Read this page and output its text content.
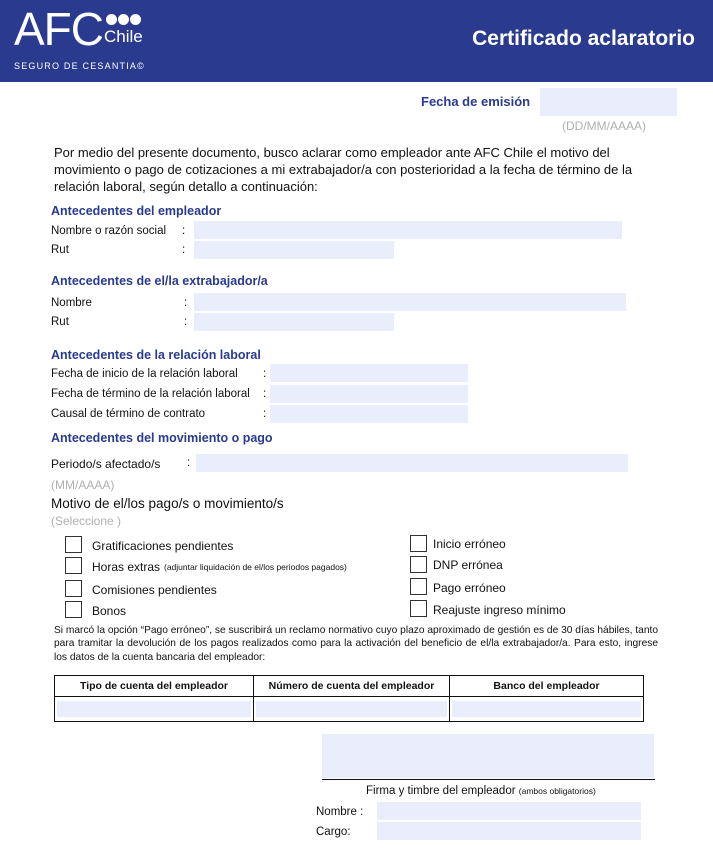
AFC Chile
SEGURO DE CESANTIA©
Certificado aclaratorio
Fecha de emisión
(DD/MM/AAAA)
Por medio del presente documento, busco aclarar como empleador ante AFC Chile el motivo del movimiento o pago de cotizaciones a mi extrabajador/a con posterioridad a la fecha de término de la relación laboral, según detallo a continuación:
Antecedentes del empleador
Nombre o razón social :
Rut	:
Antecedentes de el/la extrabajador/a
Nombre	:
Rut	:
Antecedentes de la relación laboral
Fecha de inicio de la relación laboral :
Fecha de término de la relación laboral :
Causal de término de contrato	:
Antecedentes del movimiento o pago
Periodo/s afectado/s :
(MM/AAAA)
Motivo de el/los pago/s o movimiento/s
(Seleccione )
Gratificaciones pendientes
Horas extras (adjuntar liquidación de el/los periodos pagados)
Comisiones pendientes
Bonos
Inicio erróneo
DNP errónea
Pago erróneo
Reajuste ingreso mínimo
Si marcó la opción “Pago erróneo”, se suscribirá un reclamo normativo cuyo plazo aproximado de gestión es de 30 días hábiles, tanto para tramitar la devolución de los pagos realizados como para la activación del beneficio de el/la extrabajador/a. Para esto, ingrese los datos de la cuenta bancaria del empleador:
Tipo de cuenta del empleador	Número de cuenta del empleador	Banco del empleador

Firma y timbre del empleador (ambos obligatorios)
Nombre :
Cargo:
